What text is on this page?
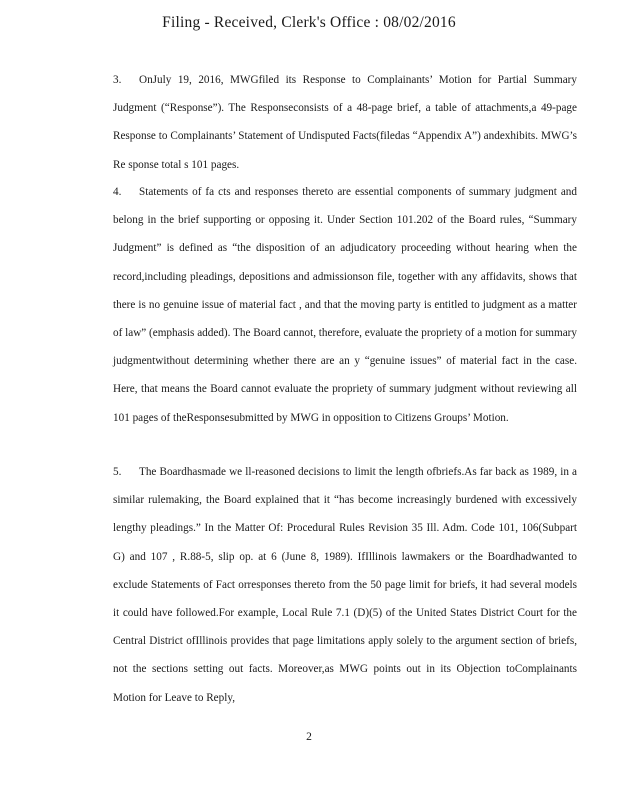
Filing - Received, Clerk's Office : 08/02/2016

3. OnJuly 19, 2016, MWGfiled its Response to Complainants’ Motion for Partial Summary Judgment (“Response”). The Responseconsists of a 48-page brief, a table of attachments,a 49-page Response to Complainants’ Statement of Undisputed Facts(filedas “Appendix A”) andexhibits. MWG’s Re sponse total s 101 pages.

4. Statements of fa cts and responses thereto are essential components of summary judgment and belong in the brief supporting or opposing it. Under Section 101.202 of the Board rules, “Summary Judgment” is defined as “the disposition of an adjudicatory proceeding without hearing when the record,including pleadings, depositions and admissionson file, together with any affidavits, shows that there is no genuine issue of material fact , and that the moving party is entitled to judgment as a matter of law” (emphasis added). The Board cannot, therefore, evaluate the propriety of a motion for summary judgmentwithout determining whether there are an y “genuine issues” of material fact in the case. Here, that means the Board cannot evaluate the propriety of summary judgment without reviewing all 101 pages of theResponsesubmitted by MWG in opposition to Citizens Groups’ Motion.

5. The Boardhasmade we ll-reasoned decisions to limit the length ofbriefs.As far back as 1989, in a similar rulemaking, the Board explained that it “has become increasingly burdened with excessively lengthy pleadings.” In the Matter Of: Procedural Rules Revision 35 Ill. Adm. Code 101, 106(Subpart G) and 107 , R.88-5, slip op. at 6 (June 8, 1989). IfIllinois lawmakers or the Boardhadwanted to exclude Statements of Fact orresponses thereto from the 50 page limit for briefs, it had several models it could have followed.For example, Local Rule 7.1 (D)(5) of the United States District Court for the Central District ofIllinois provides that page limitations apply solely to the argument section of briefs, not the sections setting out facts. Moreover,as MWG points out in its Objection toComplainants Motion for Leave to Reply,

2
